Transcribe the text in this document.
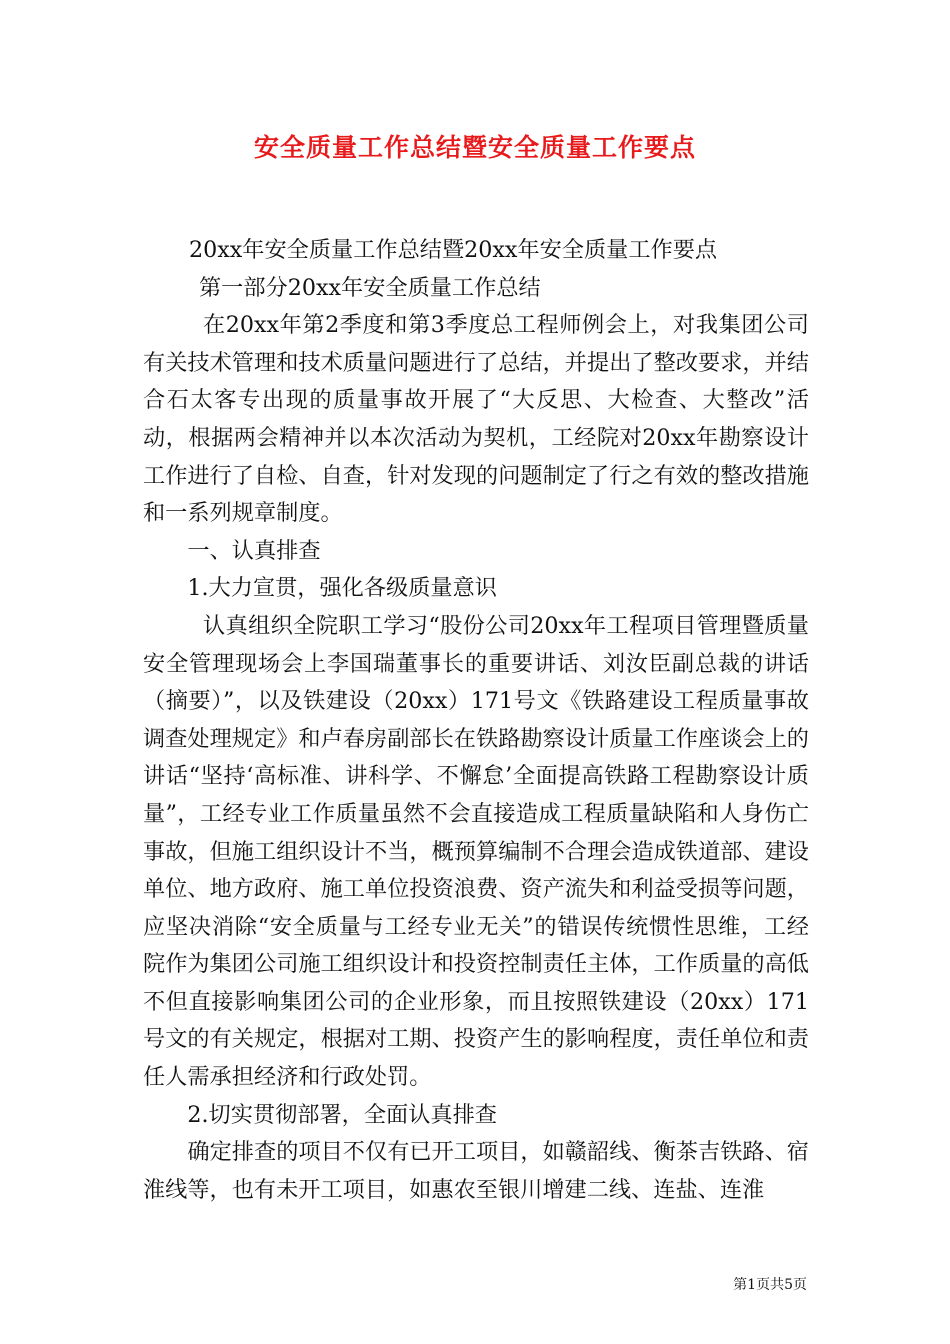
安全质量工作总结暨安全质量工作要点

20xx年安全质量工作总结暨20xx年安全质量工作要点

第一部分20xx年安全质量工作总结

在20xx年第2季度和第3季度总工程师例会上，对我集团公司有关技术管理和技术质量问题进行了总结，并提出了整改要求，并结合石太客专出现的质量事故开展了“大反思、大检查、大整改”活动，根据两会精神并以本次活动为契机，工经院对20xx年勘察设计工作进行了自检、自查，针对发现的问题制定了行之有效的整改措施和一系列规章制度。

一、认真排查

1.大力宣贯，强化各级质量意识

认真组织全院职工学习“股份公司20xx年工程项目管理暨质量安全管理现场会上李国瑞董事长的重要讲话、刘汝臣副总裁的讲话（摘要）”，以及铁建设（20xx）171号文《铁路建设工程质量事故调查处理规定》和卢春房副部长在铁路勘察设计质量工作座谈会上的讲话“坚持‘高标准、讲科学、不懈怠’全面提高铁路工程勘察设计质量”，工经专业工作质量虽然不会直接造成工程质量缺陷和人身伤亡事故，但施工组织设计不当，概预算编制不合理会造成铁道部、建设单位、地方政府、施工单位投资浪费、资产流失和利益受损等问题，应坚决消除“安全质量与工经专业无关”的错误传统惯性思维，工经院作为集团公司施工组织设计和投资控制责任主体，工作质量的高低不但直接影响集团公司的企业形象，而且按照铁建设（20xx）171号文的有关规定，根据对工期、投资产生的影响程度，责任单位和责任人需承担经济和行政处罚。

2.切实贯彻部署，全面认真排查

确定排查的项目不仅有已开工项目，如赣韶线、衡茶吉铁路、宿淮线等，也有未开工项目，如惠农至银川增建二线、连盐、连淮

第1页共5页
